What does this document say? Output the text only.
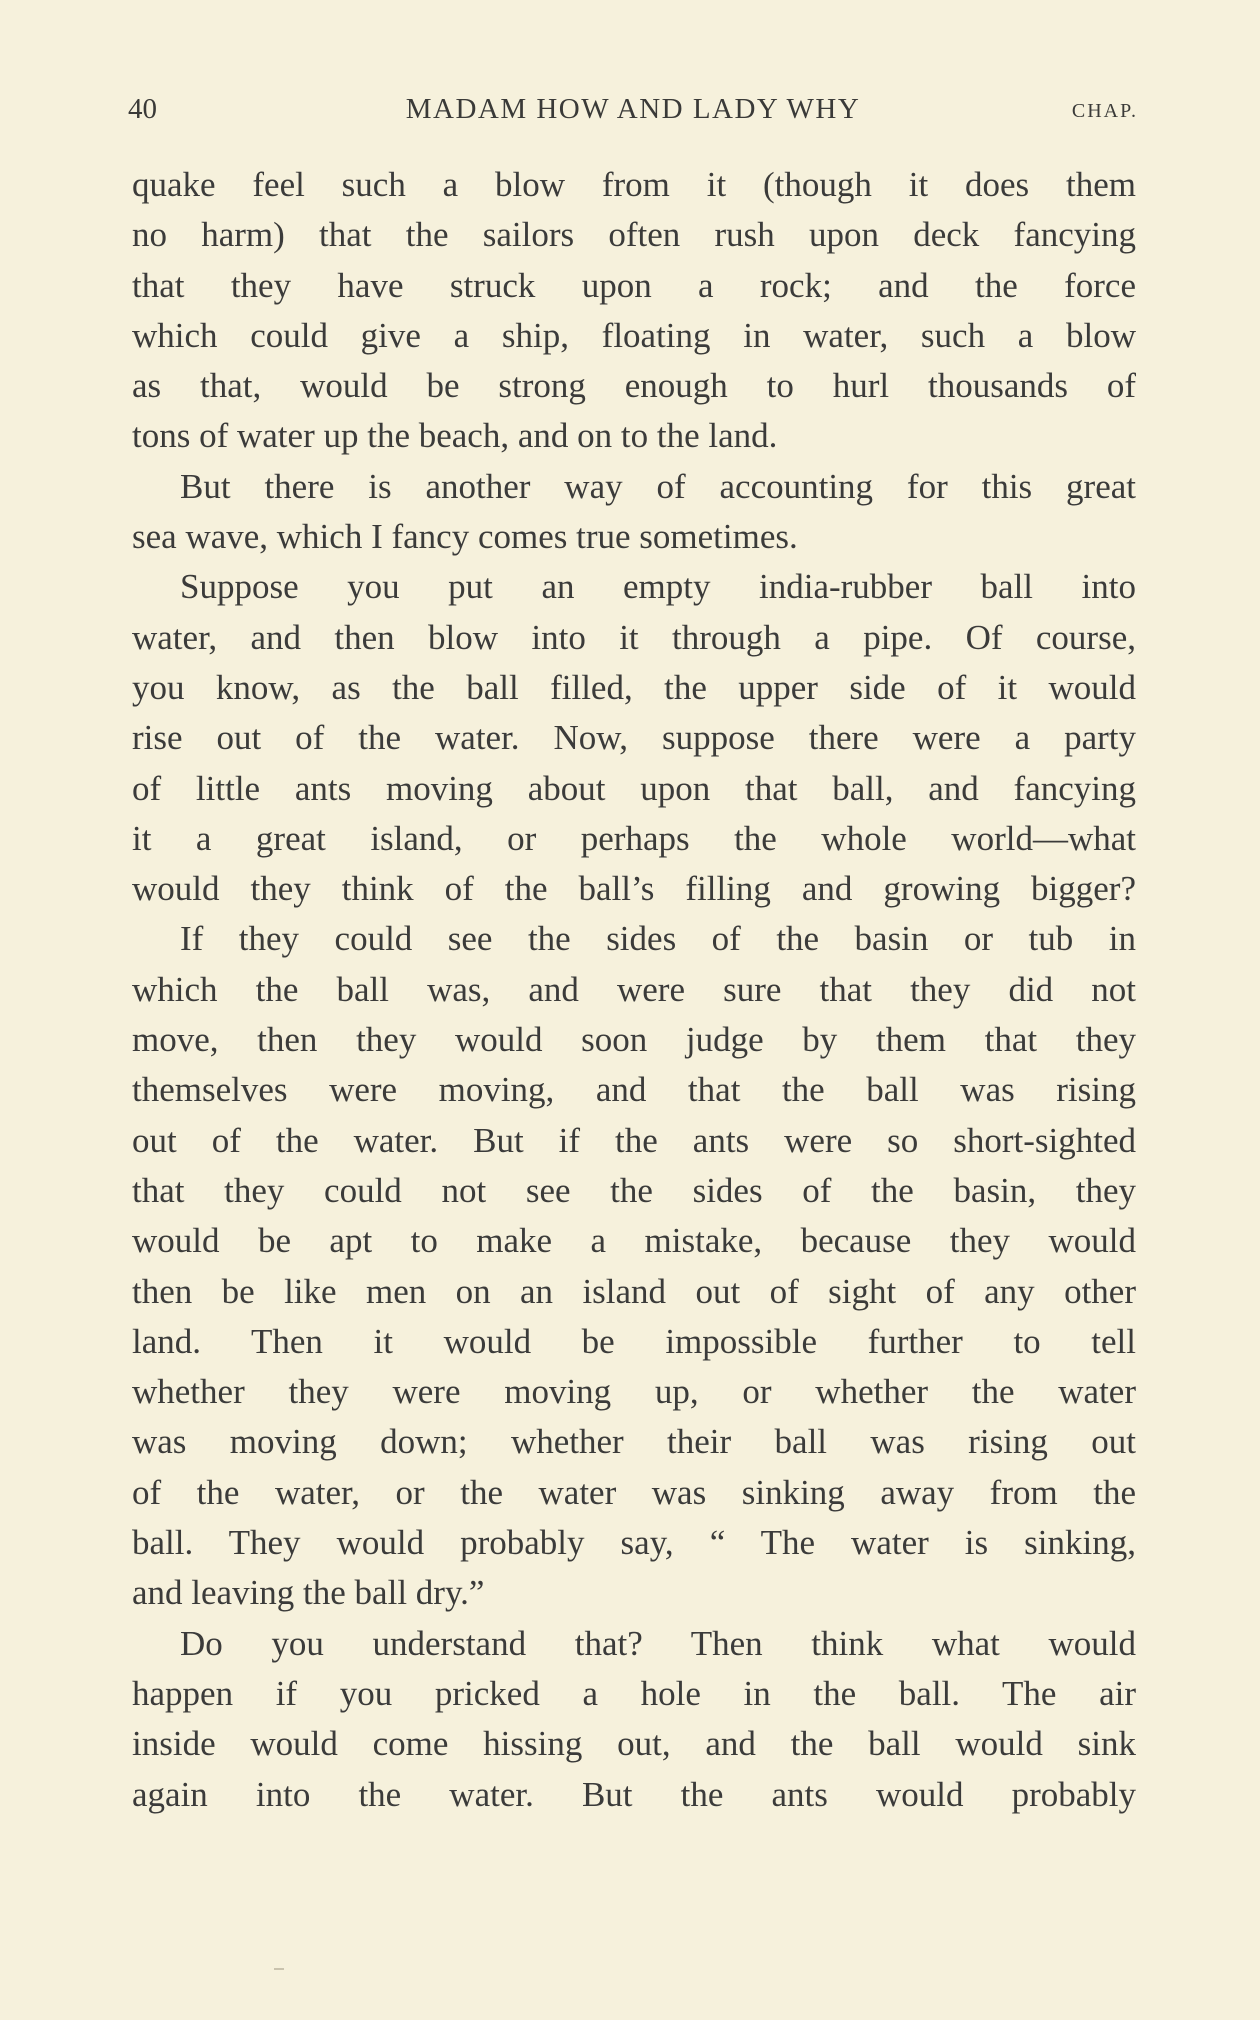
40	MADAM HOW AND LADY WHY	CHAP.
quake feel such a blow from it (though it does them
no harm) that the sailors often rush upon deck fancying
that they have struck upon a rock; and the force
which could give a ship, floating in water, such a blow
as that, would be strong enough to hurl thousands of
tons of water up the beach, and on to the land.
But there is another way of accounting for this great
sea wave, which I fancy comes true sometimes.
Suppose you put an empty india-rubber ball into
water, and then blow into it through a pipe. Of course,
you know, as the ball filled, the upper side of it would
rise out of the water. Now, suppose there were a party
of little ants moving about upon that ball, and fancying
it a great island, or perhaps the whole world—what
would they think of the ball’s filling and growing bigger?
If they could see the sides of the basin or tub in
which the ball was, and were sure that they did not
move, then they would soon judge by them that they
themselves were moving, and that the ball was rising
out of the water. But if the ants were so short-sighted
that they could not see the sides of the basin, they
would be apt to make a mistake, because they would
then be like men on an island out of sight of any other
land. Then it would be impossible further to tell
whether they were moving up, or whether the water
was moving down; whether their ball was rising out
of the water, or the water was sinking away from the
ball. They would probably say, “ The water is sinking,
and leaving the ball dry.”
Do you understand that? Then think what would
happen if you pricked a hole in the ball. The air
inside would come hissing out, and the ball would sink
again into the water. But the ants would probably
